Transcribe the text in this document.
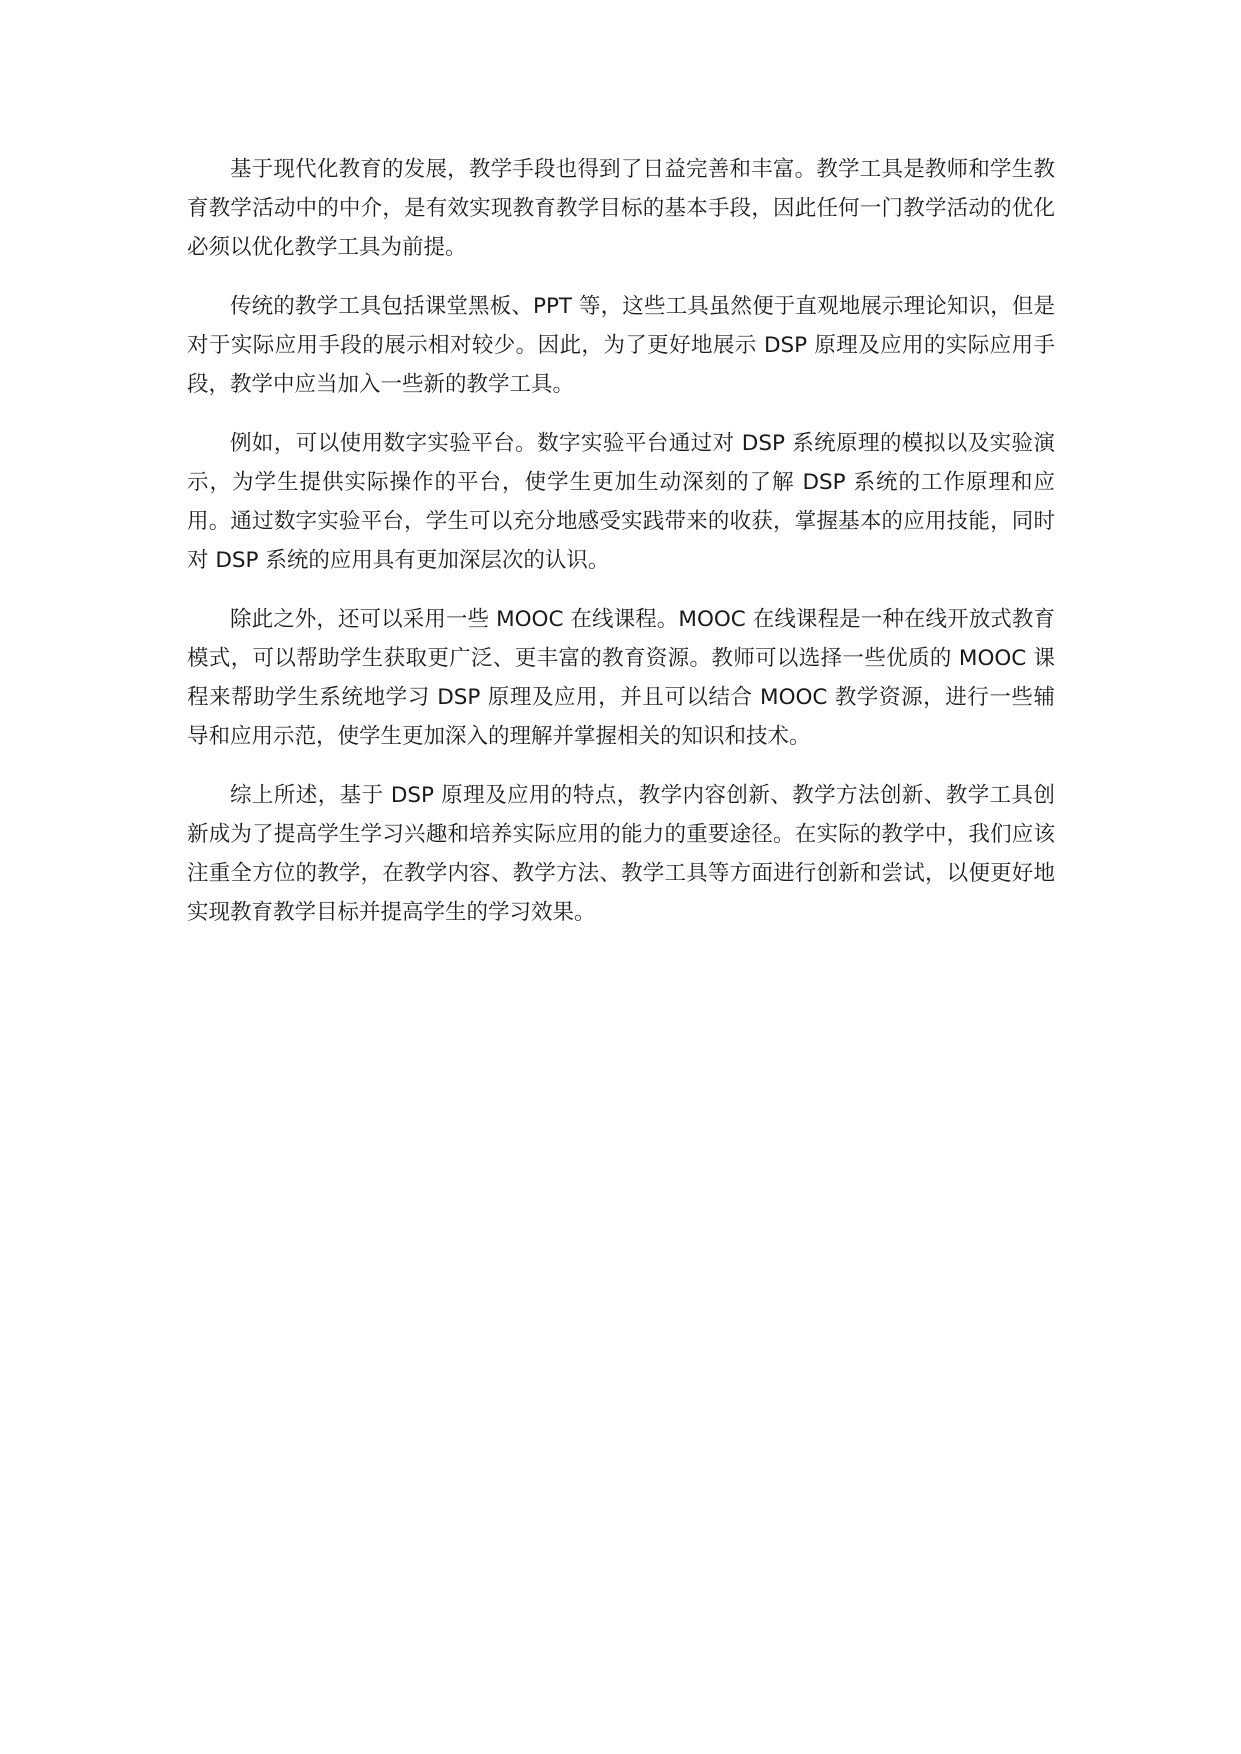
基于现代化教育的发展，教学手段也得到了日益完善和丰富。教学工具是教师和学生教育教学活动中的中介，是有效实现教育教学目标的基本手段，因此任何一门教学活动的优化必须以优化教学工具为前提。

传统的教学工具包括课堂黑板、PPT 等，这些工具虽然便于直观地展示理论知识，但是对于实际应用手段的展示相对较少。因此，为了更好地展示 DSP 原理及应用的实际应用手段，教学中应当加入一些新的教学工具。

例如，可以使用数字实验平台。数字实验平台通过对 DSP 系统原理的模拟以及实验演示，为学生提供实际操作的平台，使学生更加生动深刻的了解 DSP 系统的工作原理和应用。通过数字实验平台，学生可以充分地感受实践带来的收获，掌握基本的应用技能，同时对 DSP 系统的应用具有更加深层次的认识。

除此之外，还可以采用一些 MOOC 在线课程。MOOC 在线课程是一种在线开放式教育模式，可以帮助学生获取更广泛、更丰富的教育资源。教师可以选择一些优质的 MOOC 课程来帮助学生系统地学习 DSP 原理及应用，并且可以结合 MOOC 教学资源，进行一些辅导和应用示范，使学生更加深入的理解并掌握相关的知识和技术。

综上所述，基于 DSP 原理及应用的特点，教学内容创新、教学方法创新、教学工具创新成为了提高学生学习兴趣和培养实际应用的能力的重要途径。在实际的教学中，我们应该注重全方位的教学，在教学内容、教学方法、教学工具等方面进行创新和尝试，以便更好地实现教育教学目标并提高学生的学习效果。
